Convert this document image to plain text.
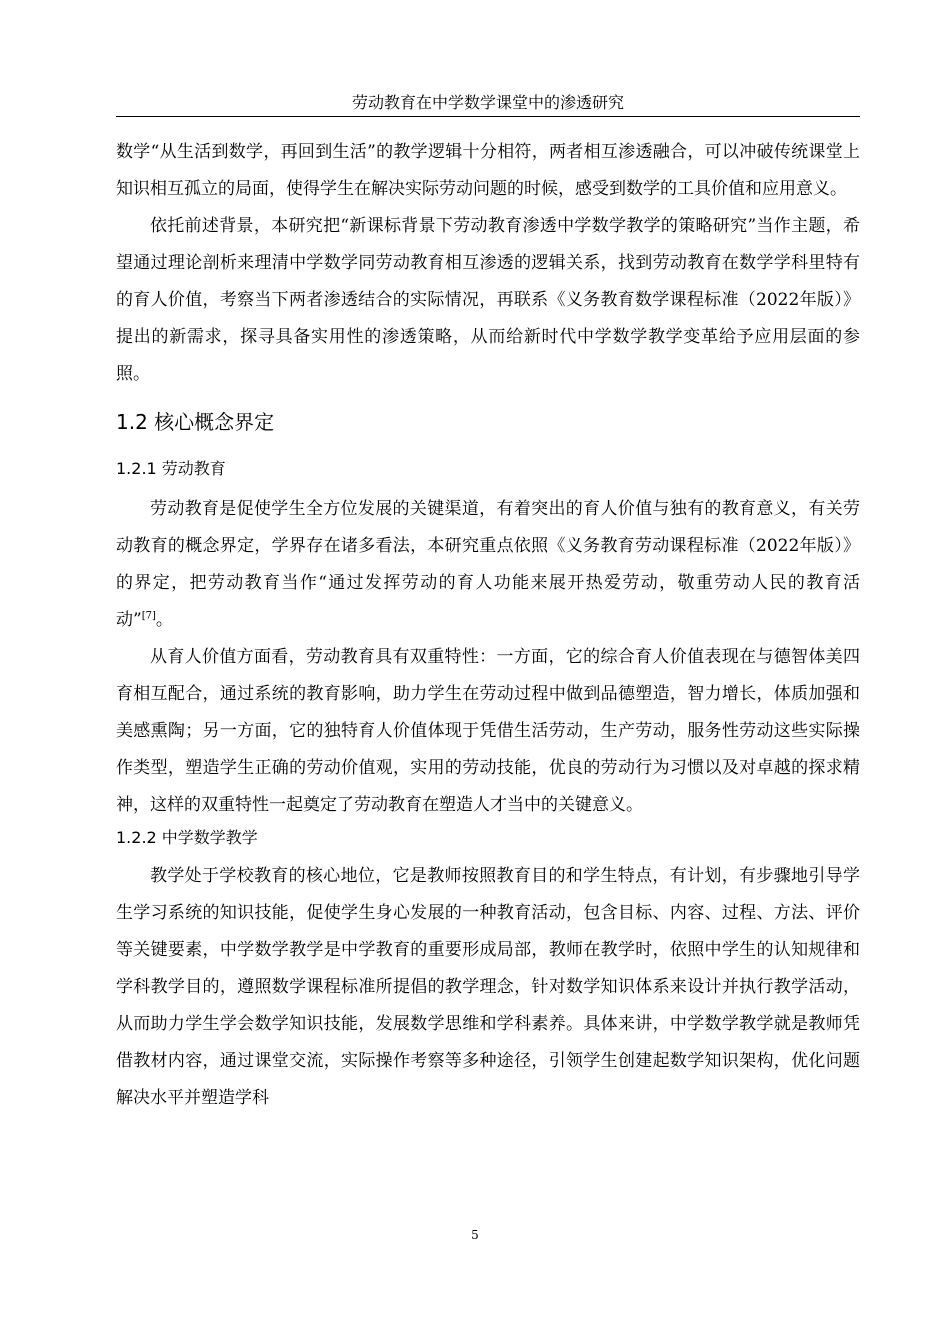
劳动教育在中学数学课堂中的渗透研究

数学“从生活到数学，再回到生活”的教学逻辑十分相符，两者相互渗透融合，可以冲破传统课堂上知识相互孤立的局面，使得学生在解决实际劳动问题的时候，感受到数学的工具价值和应用意义。

依托前述背景，本研究把“新课标背景下劳动教育渗透中学数学教学的策略研究”当作主题，希望通过理论剖析来理清中学数学同劳动教育相互渗透的逻辑关系，找到劳动教育在数学学科里特有的育人价值，考察当下两者渗透结合的实际情况，再联系《义务教育数学课程标准（2022年版）》提出的新需求，探寻具备实用性的渗透策略，从而给新时代中学数学教学变革给予应用层面的参照。

1.2 核心概念界定
1.2.1 劳动教育

劳动教育是促使学生全方位发展的关键渠道，有着突出的育人价值与独有的教育意义，有关劳动教育的概念界定，学界存在诸多看法，本研究重点依照《义务教育劳动课程标准（2022年版）》的界定，把劳动教育当作“通过发挥劳动的育人功能来展开热爱劳动，敬重劳动人民的教育活动”[7]。

从育人价值方面看，劳动教育具有双重特性：一方面，它的综合育人价值表现在与德智体美四育相互配合，通过系统的教育影响，助力学生在劳动过程中做到品德塑造，智力增长，体质加强和美感熏陶；另一方面，它的独特育人价值体现于凭借生活劳动，生产劳动，服务性劳动这些实际操作类型，塑造学生正确的劳动价值观，实用的劳动技能，优良的劳动行为习惯以及对卓越的探求精神，这样的双重特性一起奠定了劳动教育在塑造人才当中的关键意义。

1.2.2 中学数学教学

教学处于学校教育的核心地位，它是教师按照教育目的和学生特点，有计划，有步骤地引导学生学习系统的知识技能，促使学生身心发展的一种教育活动，包含目标、内容、过程、方法、评价等关键要素，中学数学教学是中学教育的重要形成局部，教师在教学时，依照中学生的认知规律和学科教学目的，遵照数学课程标准所提倡的教学理念，针对数学知识体系来设计并执行教学活动，从而助力学生学会数学知识技能，发展数学思维和学科素养。具体来讲，中学数学教学就是教师凭借教材内容，通过课堂交流，实际操作考察等多种途径，引领学生创建起数学知识架构，优化问题解决水平并塑造学科

5
